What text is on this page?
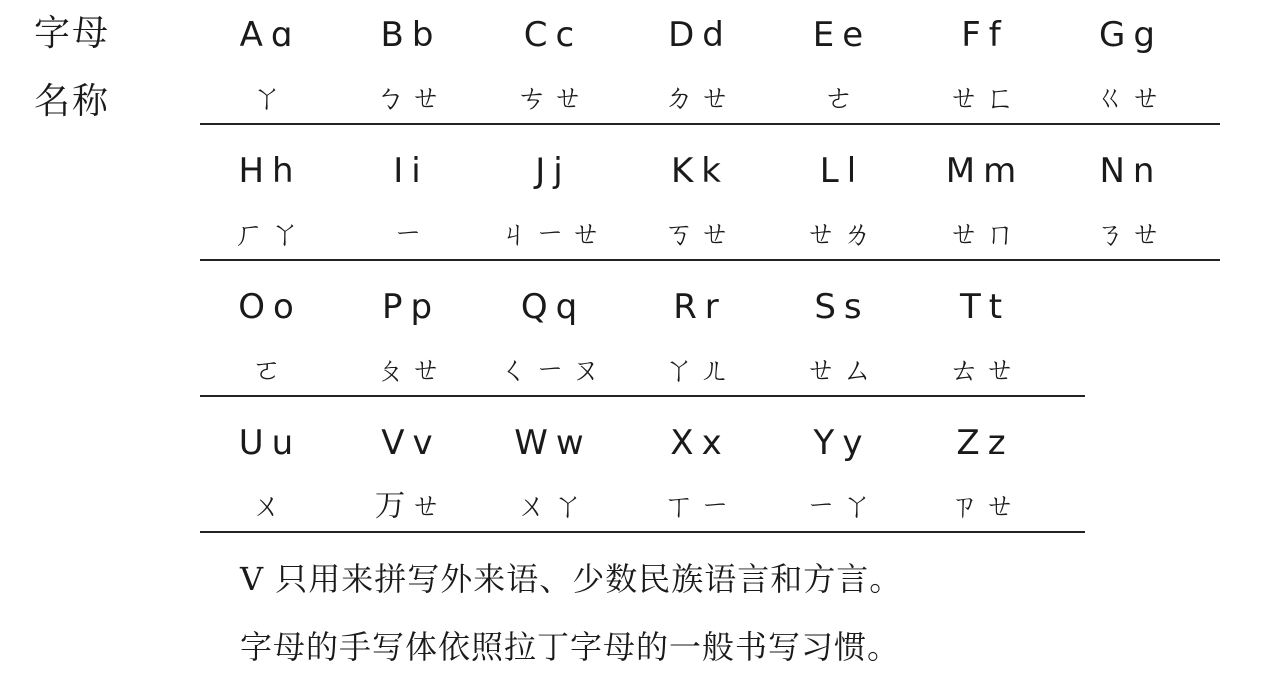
字母
名称
Aɑ
ㄚ
Bb
ㄅㄝ
Cc
ㄘㄝ
Dd
ㄉㄝ
Ee
ㄜ
Ff
ㄝㄈ
Gg
ㄍㄝ
Hh
ㄏㄚ
Ii
ㄧ
Jj
ㄐㄧㄝ
Kk
ㄎㄝ
Ll
ㄝㄌ
Mm
ㄝㄇ
Nn
ㄋㄝ
Oo
ㄛ
Pp
ㄆㄝ
Qq
ㄑㄧㄡ
Rr
ㄚㄦ
Ss
ㄝㄙ
Tt
ㄊㄝ
Uu
ㄨ
Vv
ㄪㄝ
Ww
ㄨㄚ
Xx
ㄒㄧ
Yy
ㄧㄚ
Zz
ㄗㄝ
V 只用来拼写外来语、少数民族语言和方言。
字母的手写体依照拉丁字母的一般书写习惯。
